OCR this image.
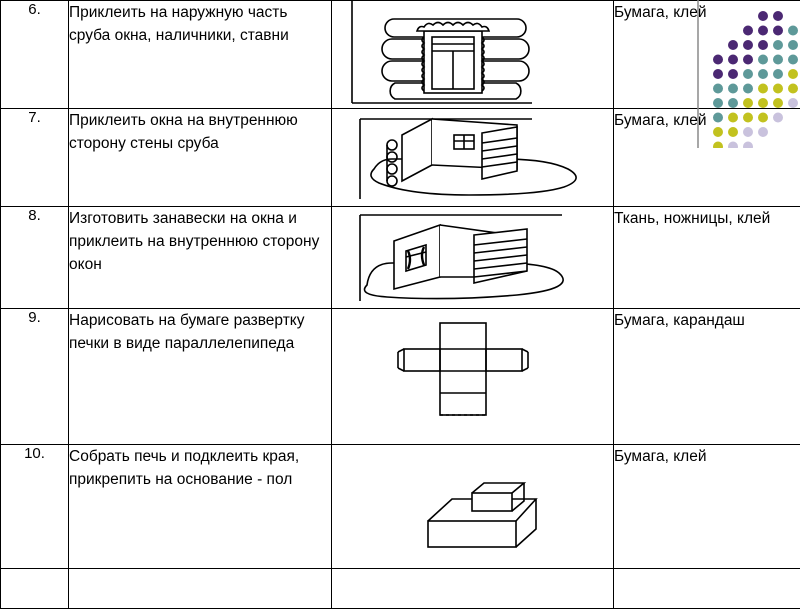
6.	Приклеить на наружную часть сруба окна, наличники, ставни		Бумага, клей
7.	Приклеить окна на внутреннюю сторону стены сруба		Бумага, клей
8.	Изготовить занавески на окна и приклеить на внутреннюю сторону окон		Ткань, ножницы, клей
9.	Нарисовать на бумаге развертку печки в виде параллелепипеда		Бумага, карандаш
10.	Собрать печь и подклеить края, прикрепить на основание - пол		Бумага, клей
